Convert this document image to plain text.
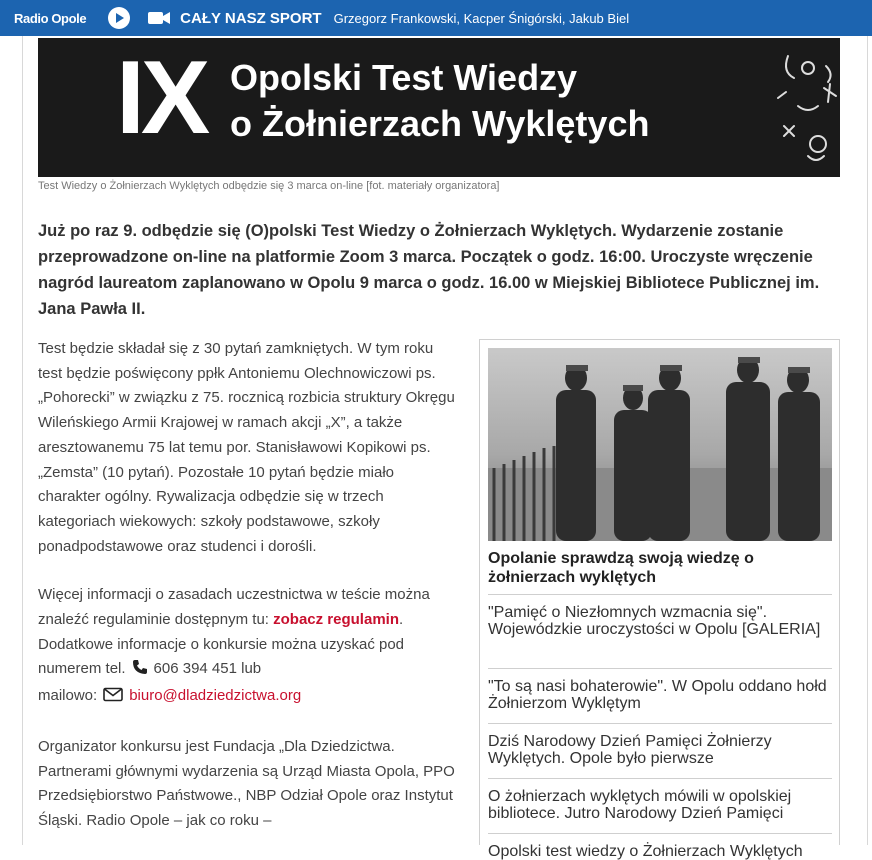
Radio Opole	CAŁY NASZ SPORT Grzegorz Frankowski, Kacper Śnigórski, Jakub Biel
IX Opolski Test Wiedzy
o Żołnierzach Wyklętych
Test Wiedzy o Żołnierzach Wyklętych odbędzie się 3 marca on-line [fot. materiały organizatora]
Już po raz 9. odbędzie się (O)polski Test Wiedzy o Żołnierzach Wyklętych. Wydarzenie zostanie przeprowadzone on-line na platformie Zoom 3 marca. Początek o godz. 16:00. Uroczyste wręczenie nagród laureatom zaplanowano w Opolu 9 marca o godz. 16.00 w Miejskiej Bibliotece Publicznej im. Jana Pawła II.

Test będzie składał się z 30 pytań zamkniętych. W tym roku test będzie poświęcony ppłk Antoniemu Olechnowiczowi ps. „Pohorecki” w związku z 75. rocznicą rozbicia struktury Okręgu Wileńskiego Armii Krajowej w ramach akcji „X”, a także aresztowanemu 75 lat temu por. Stanisławowi Kopikowi ps. „Zemsta” (10 pytań). Pozostałe 10 pytań będzie miało charakter ogólny. Rywalizacja odbędzie się w trzech kategoriach wiekowych: szkoły podstawowe, szkoły ponadpodstawowe oraz studenci i dorośli.

Więcej informacji o zasadach uczestnictwa w teście można znaleźć regulaminie dostępnym tu: zobacz regulamin. Dodatkowe informacje o konkursie można uzyskać pod numerem tel. 606 394 451 lub
mailowo: biuro@dladziedzictwa.org

Organizator konkursu jest Fundacja „Dla Dziedzictwa. Partnerami głównymi wydarzenia są Urząd Miasta Opola, PPO Przedsiębiorstwo Państwowe., NBP Odział Opole oraz Instytut Śląski. Radio Opole – jak co roku –

Opolanie sprawdzą swoją wiedzę o żołnierzach wyklętych
"Pamięć o Niezłomnych wzmacnia się". Wojewódzkie uroczystości w Opolu [GALERIA]
"To są nasi bohaterowie". W Opolu oddano hołd Żołnierzom Wyklętym
Dziś Narodowy Dzień Pamięci Żołnierzy Wyklętych. Opole było pierwsze
O żołnierzach wyklętych mówili w opolskiej bibliotece. Jutro Narodowy Dzień Pamięci
Opolski test wiedzy o Żołnierzach Wyklętych
